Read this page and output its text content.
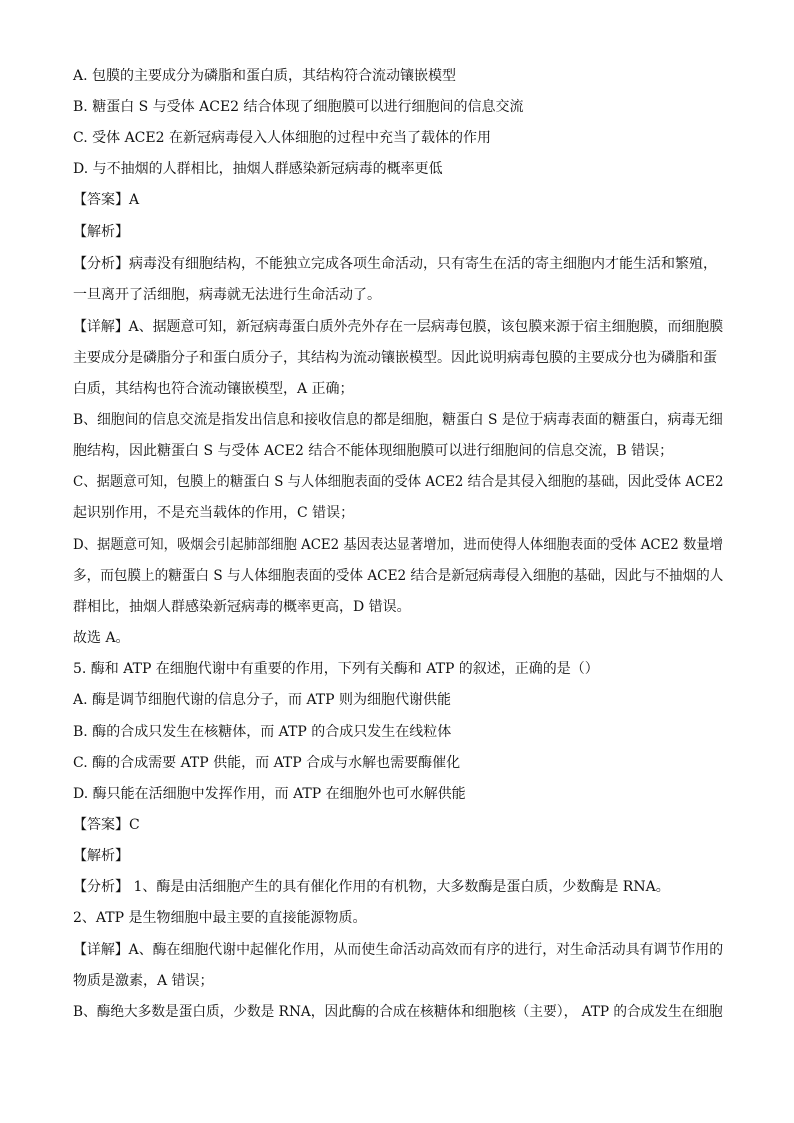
A. 包膜的主要成分为磷脂和蛋白质，其结构符合流动镶嵌模型
B. 糖蛋白 S 与受体 ACE2 结合体现了细胞膜可以进行细胞间的信息交流
C. 受体 ACE2 在新冠病毒侵入人体细胞的过程中充当了载体的作用
D. 与不抽烟的人群相比，抽烟人群感染新冠病毒的概率更低
【答案】A
【解析】
【分析】病毒没有细胞结构，不能独立完成各项生命活动，只有寄生在活的寄主细胞内才能生活和繁殖，
一旦离开了活细胞，病毒就无法进行生命活动了。
【详解】A、据题意可知，新冠病毒蛋白质外壳外存在一层病毒包膜，该包膜来源于宿主细胞膜，而细胞膜
主要成分是磷脂分子和蛋白质分子，其结构为流动镶嵌模型。因此说明病毒包膜的主要成分也为磷脂和蛋
白质，其结构也符合流动镶嵌模型，A 正确；
B、细胞间的信息交流是指发出信息和接收信息的都是细胞，糖蛋白 S 是位于病毒表面的糖蛋白，病毒无细
胞结构，因此糖蛋白 S 与受体 ACE2 结合不能体现细胞膜可以进行细胞间的信息交流，B 错误；
C、据题意可知，包膜上的糖蛋白 S 与人体细胞表面的受体 ACE2 结合是其侵入细胞的基础，因此受体 ACE2
起识别作用，不是充当载体的作用，C 错误；
D、据题意可知，吸烟会引起肺部细胞 ACE2 基因表达显著增加，进而使得人体细胞表面的受体 ACE2 数量增
多，而包膜上的糖蛋白 S 与人体细胞表面的受体 ACE2 结合是新冠病毒侵入细胞的基础，因此与不抽烟的人
群相比，抽烟人群感染新冠病毒的概率更高，D 错误。
故选 A。
5. 酶和 ATP 在细胞代谢中有重要的作用，下列有关酶和 ATP 的叙述，正确的是（）
A. 酶是调节细胞代谢的信息分子，而 ATP 则为细胞代谢供能
B. 酶的合成只发生在核糖体，而 ATP 的合成只发生在线粒体
C. 酶的合成需要 ATP 供能，而 ATP 合成与水解也需要酶催化
D. 酶只能在活细胞中发挥作用，而 ATP 在细胞外也可水解供能
【答案】C
【解析】
【分析】 1、酶是由活细胞产生的具有催化作用的有机物，大多数酶是蛋白质，少数酶是 RNA。
2、ATP 是生物细胞中最主要的直接能源物质。
【详解】A、酶在细胞代谢中起催化作用，从而使生命活动高效而有序的进行，对生命活动具有调节作用的
物质是激素，A 错误；
B、酶绝大多数是蛋白质，少数是 RNA，因此酶的合成在核糖体和细胞核（主要）， ATP 的合成发生在细胞
